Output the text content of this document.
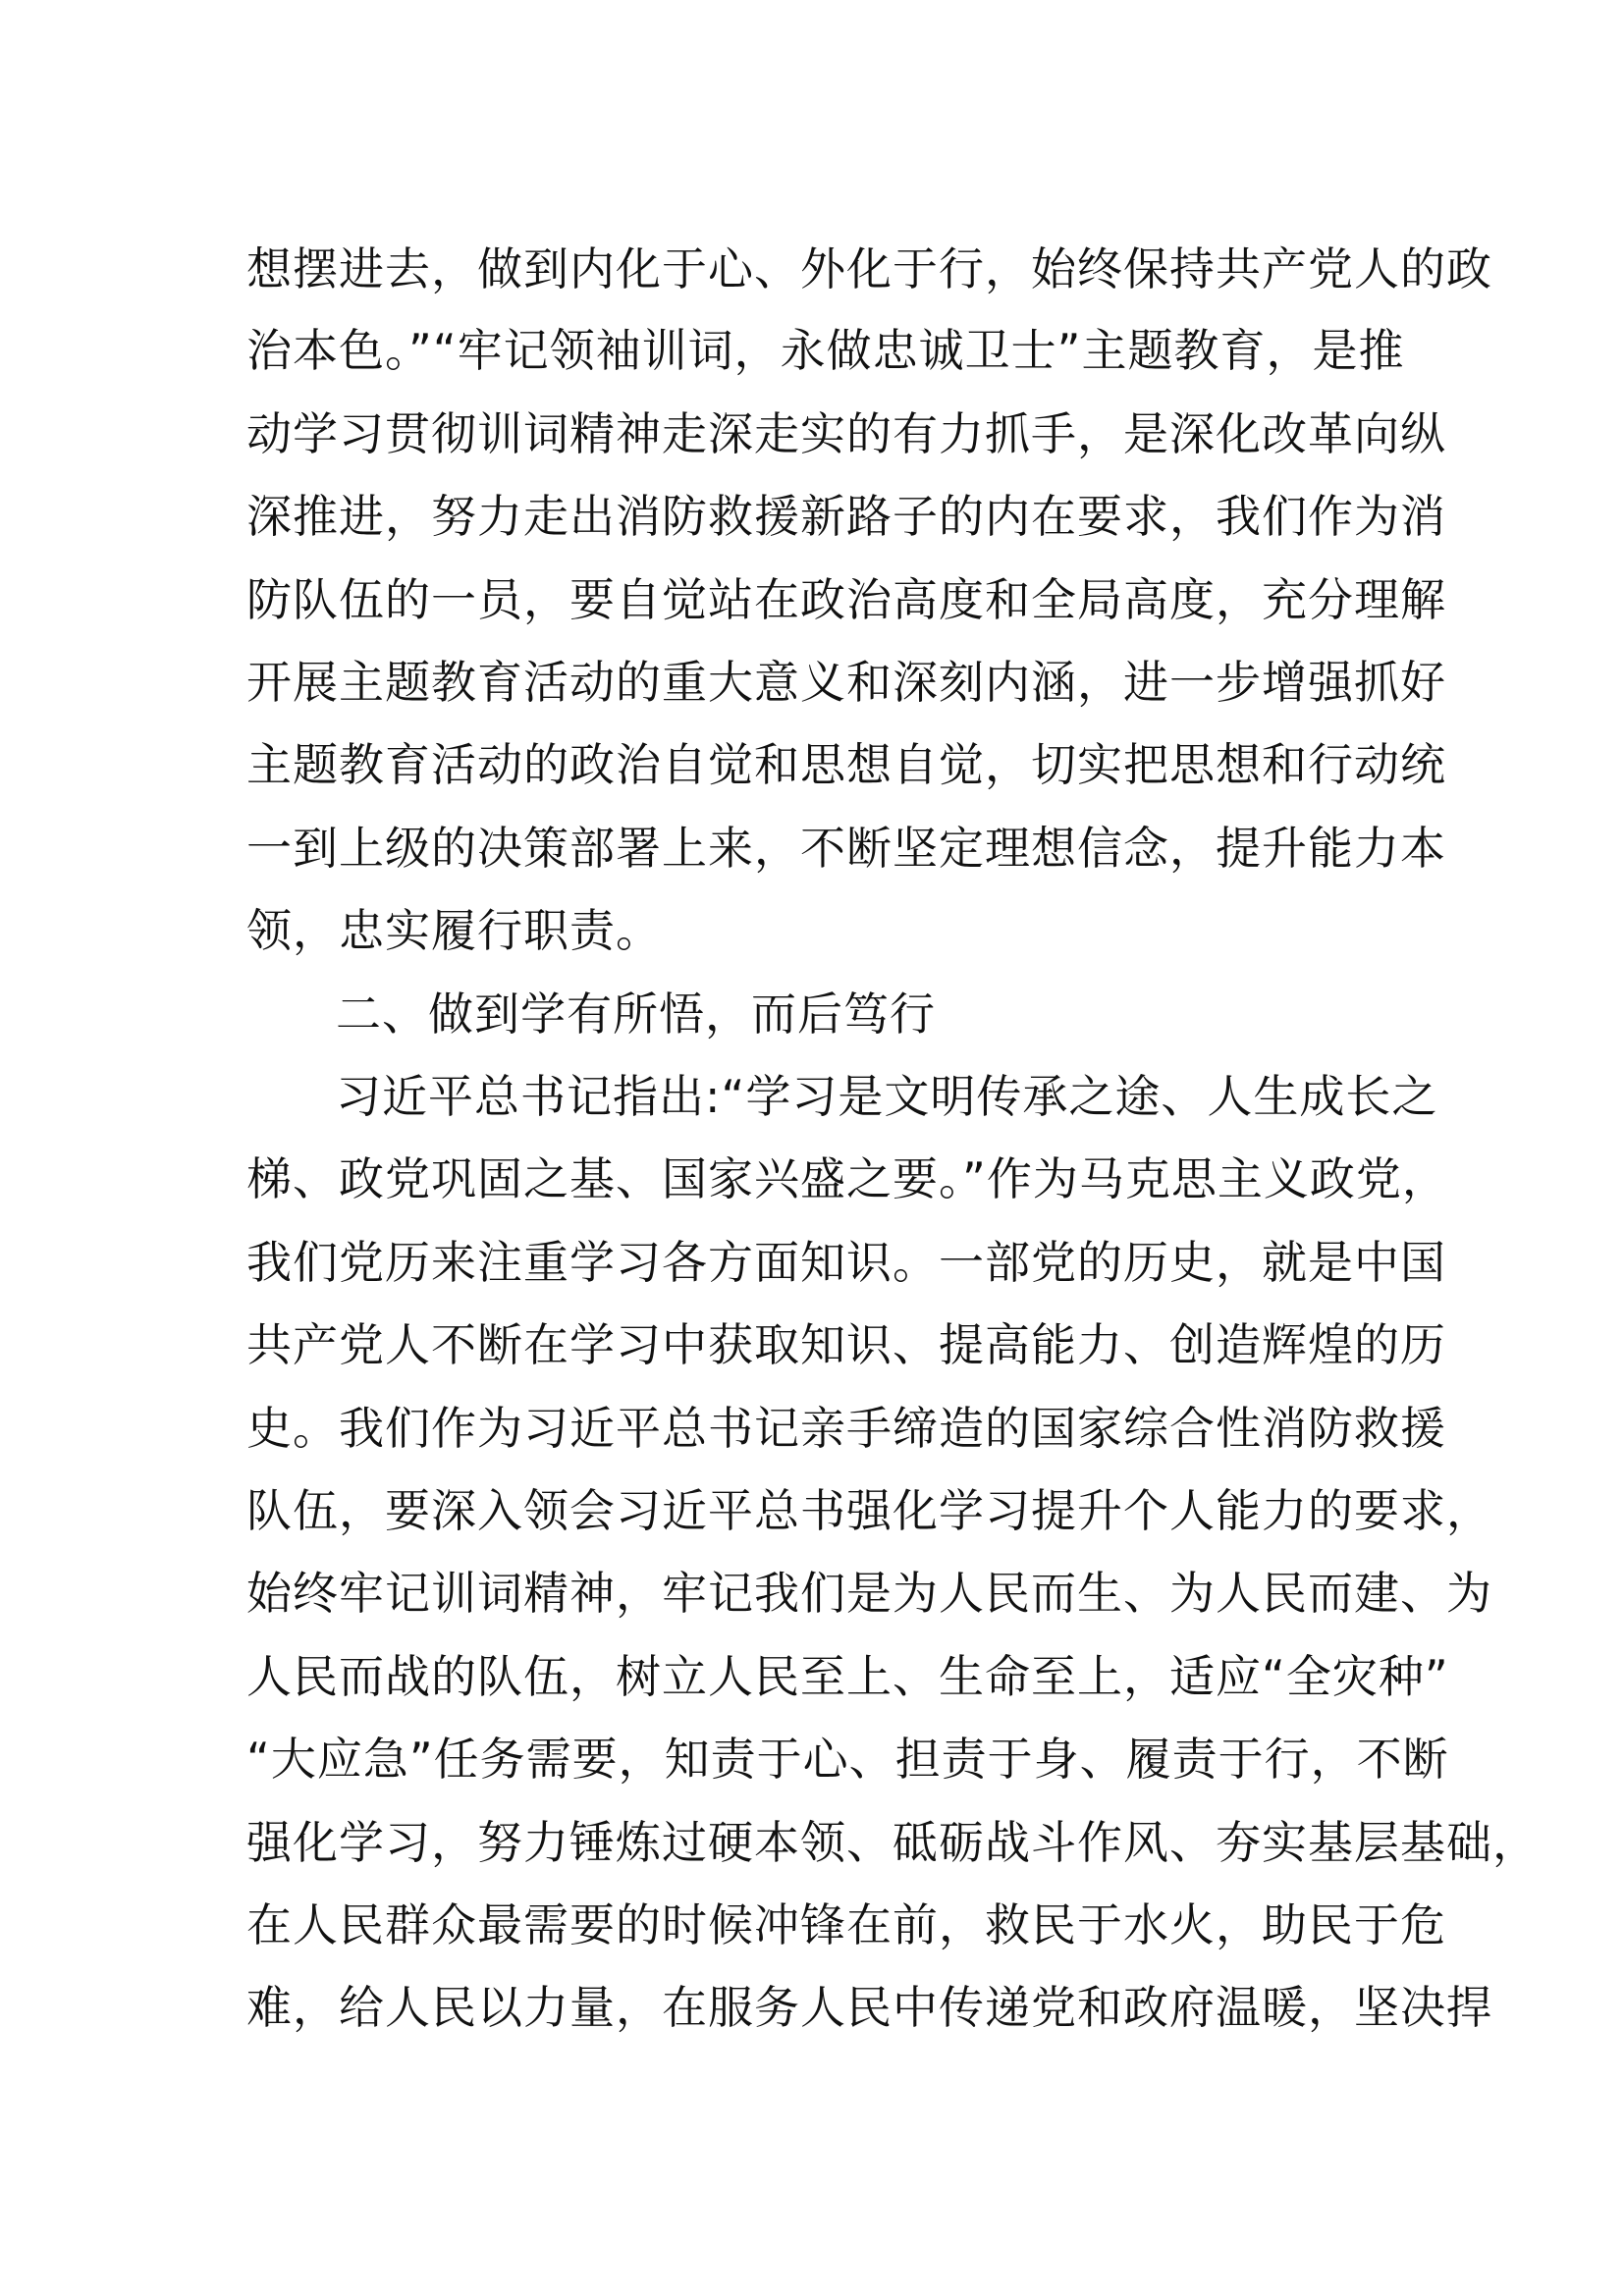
想摆进去，做到内化于心、外化于行，始终保持共产党人的政
治本色。”“牢记领袖训词，永做忠诚卫士”主题教育，是推
动学习贯彻训词精神走深走实的有力抓手，是深化改革向纵
深推进，努力走出消防救援新路子的内在要求，我们作为消
防队伍的一员，要自觉站在政治高度和全局高度，充分理解
开展主题教育活动的重大意义和深刻内涵，进一步增强抓好
主题教育活动的政治自觉和思想自觉，切实把思想和行动统
一到上级的决策部署上来，不断坚定理想信念，提升能力本
领，忠实履行职责。
二、做到学有所悟，而后笃行
习近平总书记指出:“学习是文明传承之途、人生成长之
梯、政党巩固之基、国家兴盛之要。”作为马克思主义政党，
我们党历来注重学习各方面知识。一部党的历史，就是中国
共产党人不断在学习中获取知识、提高能力、创造辉煌的历
史。我们作为习近平总书记亲手缔造的国家综合性消防救援
队伍，要深入领会习近平总书强化学习提升个人能力的要求，
始终牢记训词精神，牢记我们是为人民而生、为人民而建、为
人民而战的队伍，树立人民至上、生命至上，适应“全灾种”
“大应急”任务需要，知责于心、担责于身、履责于行，不断
强化学习，努力锤炼过硬本领、砥砺战斗作风、夯实基层基础，
在人民群众最需要的时候冲锋在前，救民于水火，助民于危
难，给人民以力量，在服务人民中传递党和政府温暖，坚决捍
